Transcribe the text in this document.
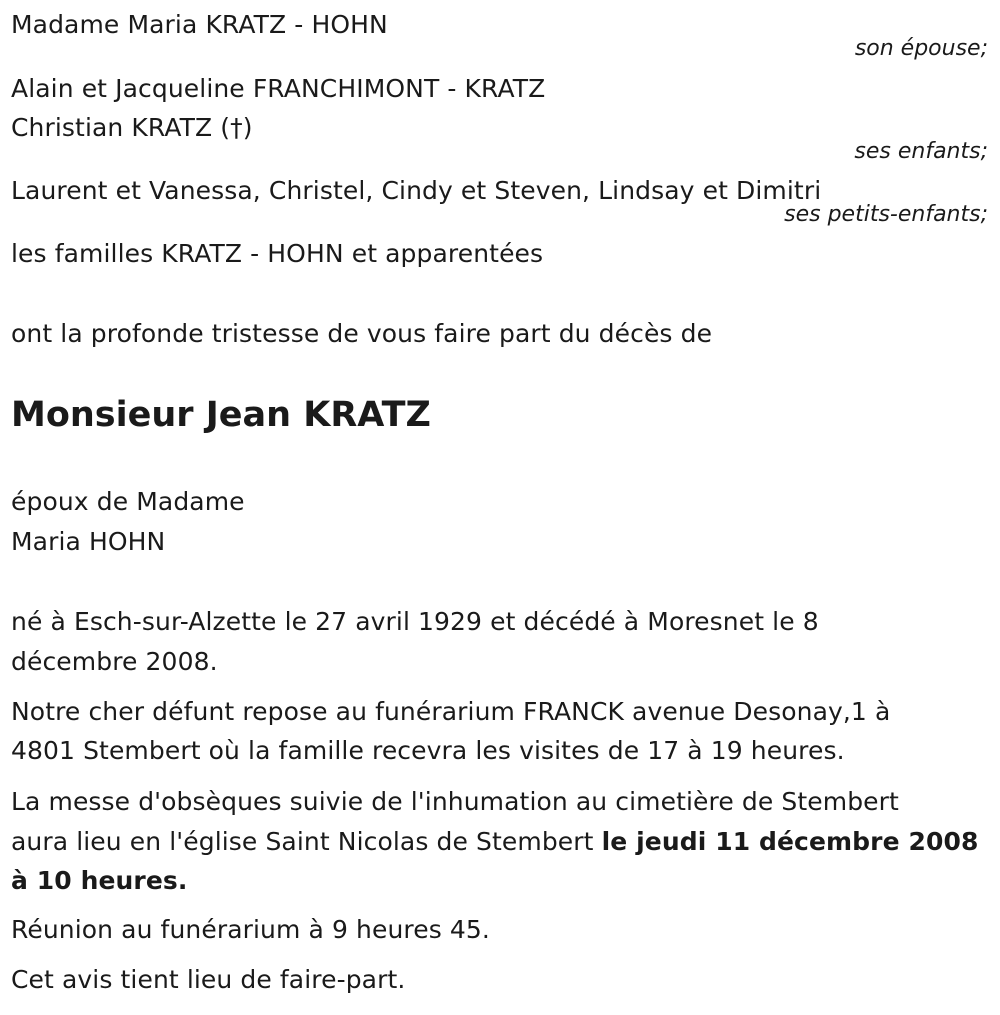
Madame Maria KRATZ - HOHN
son épouse;
Alain et Jacqueline FRANCHIMONT - KRATZ
Christian KRATZ (†)
ses enfants;
Laurent et Vanessa, Christel, Cindy et Steven, Lindsay et Dimitri
ses petits-enfants;
les familles KRATZ - HOHN et apparentées
ont la profonde tristesse de vous faire part du décès de
Monsieur Jean KRATZ
époux de Madame
Maria HOHN
né à Esch-sur-Alzette le 27 avril 1929 et décédé à Moresnet le 8
décembre 2008.
Notre cher défunt repose au funérarium FRANCK avenue Desonay,1 à
4801 Stembert où la famille recevra les visites de 17 à 19 heures.
La messe d'obsèques suivie de l'inhumation au cimetière de Stembert
aura lieu en l'église Saint Nicolas de Stembert le jeudi 11 décembre 2008
à 10 heures.
Réunion au funérarium à 9 heures 45.
Cet avis tient lieu de faire-part.
